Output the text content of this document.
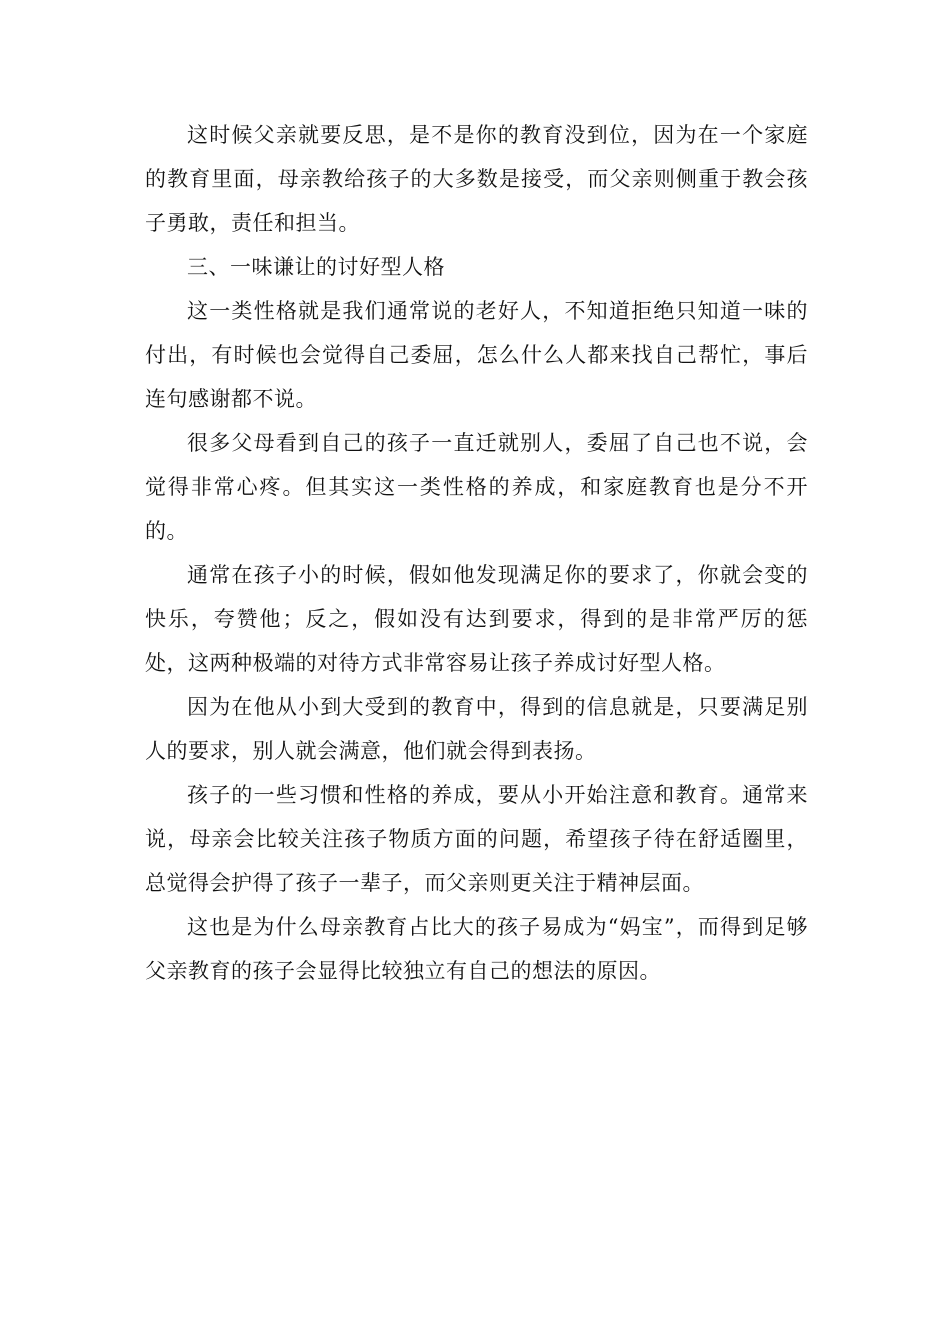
这时候父亲就要反思，是不是你的教育没到位，因为在一个家庭的教育里面，母亲教给孩子的大多数是接受，而父亲则侧重于教会孩子勇敢，责任和担当。

三、一味谦让的讨好型人格

这一类性格就是我们通常说的老好人，不知道拒绝只知道一味的付出，有时候也会觉得自己委屈，怎么什么人都来找自己帮忙，事后连句感谢都不说。

很多父母看到自己的孩子一直迁就别人，委屈了自己也不说，会觉得非常心疼。但其实这一类性格的养成，和家庭教育也是分不开的。

通常在孩子小的时候，假如他发现满足你的要求了，你就会变的快乐，夸赞他；反之，假如没有达到要求，得到的是非常严厉的惩处，这两种极端的对待方式非常容易让孩子养成讨好型人格。

因为在他从小到大受到的教育中，得到的信息就是，只要满足别人的要求，别人就会满意，他们就会得到表扬。

孩子的一些习惯和性格的养成，要从小开始注意和教育。通常来说，母亲会比较关注孩子物质方面的问题，希望孩子待在舒适圈里，总觉得会护得了孩子一辈子，而父亲则更关注于精神层面。

这也是为什么母亲教育占比大的孩子易成为“妈宝”，而得到足够父亲教育的孩子会显得比较独立有自己的想法的原因。
